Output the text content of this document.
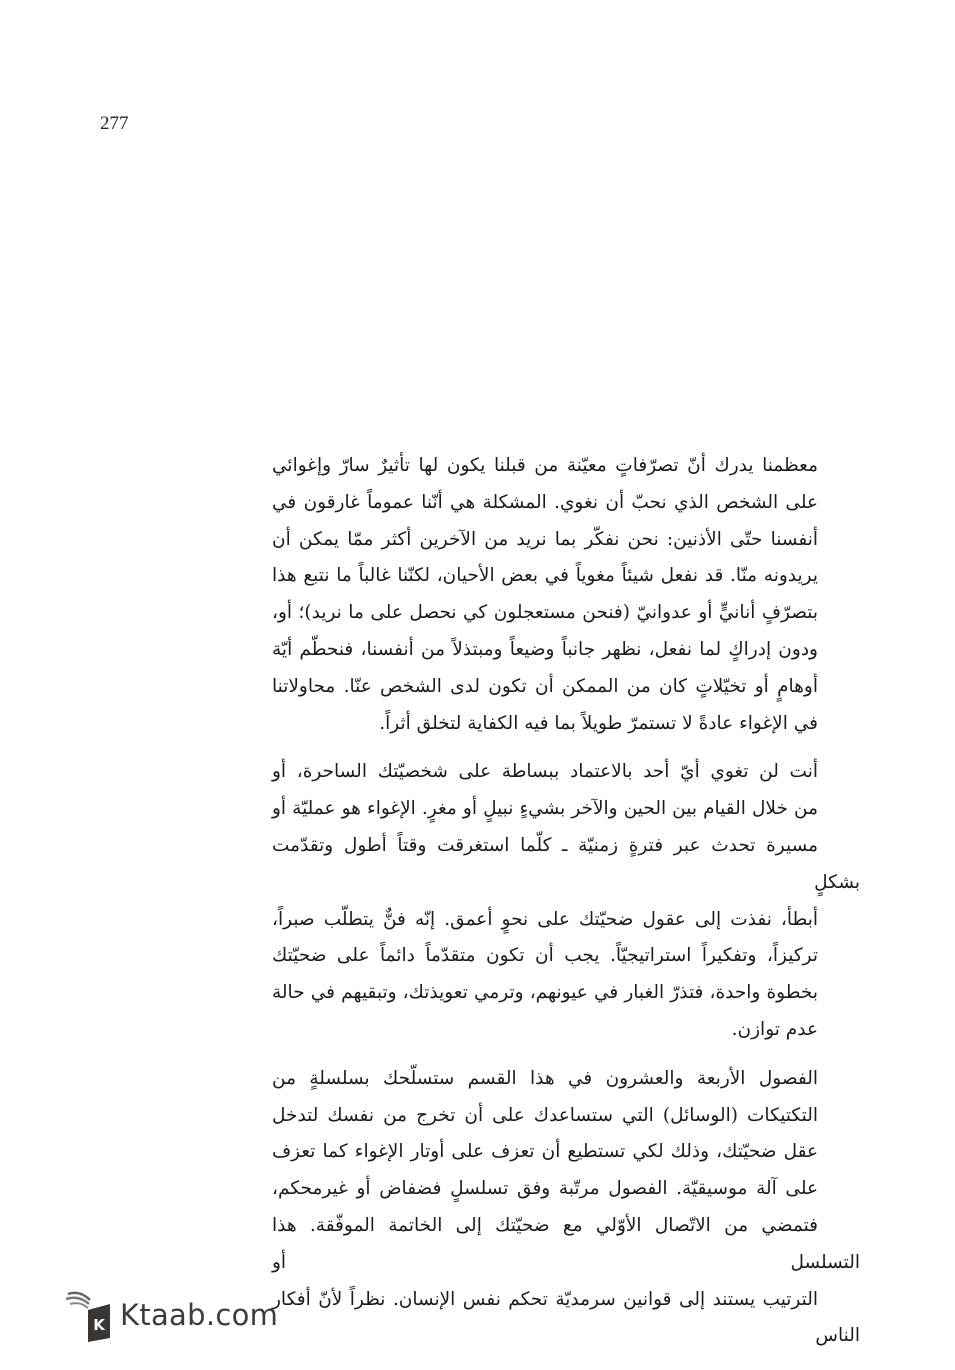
277

معظمنا يدرك أنّ تصرّفاتٍ معيّنة من قبلنا يكون لها تأثيرٌ سارّ وإغوائي
على الشخص الذي نحبّ أن نغوي. المشكلة هي أنّنا عموماً غارقون في
أنفسنا حتّى الأذنين: نحن نفكّر بما نريد من الآخرين أكثر ممّا يمكن أن
يريدونه منّا. قد نفعل شيئاً مغوياً في بعض الأحيان، لكنّنا غالباً ما نتبع هذا
بتصرّفٍ أنانيٍّ أو عدوانيّ (فنحن مستعجلون كي نحصل على ما نريد)؛ أو،
ودون إدراكٍ لما نفعل، نظهر جانباً وضيعاً ومبتذلاً من أنفسنا، فنحطّم أيّة
أوهامٍ أو تخيّلاتٍ كان من الممكن أن تكون لدى الشخص عنّا. محاولاتنا
في الإغواء عادةً لا تستمرّ طويلاً بما فيه الكفاية لتخلق أثراً.

أنت لن تغوي أيّ أحد بالاعتماد ببساطة على شخصيّتك الساحرة، أو
من خلال القيام بين الحين والآخر بشيءٍ نبيلٍ أو مغرٍ. الإغواء هو عمليّة أو
مسيرة تحدث عبر فترةٍ زمنيّة ـ كلّما استغرقت وقتاً أطول وتقدّمت بشكلٍ
أبطأ، نفذت إلى عقول ضحيّتك على نحوٍ أعمق. إنّه فنٌّ يتطلّب صبراً،
تركيزاً، وتفكيراً استراتيجيّاً. يجب أن تكون متقدّماً دائماً على ضحيّتك
بخطوة واحدة، فتذرّ الغبار في عيونهم، وترمي تعويذتك، وتبقيهم في حالة
عدم توازن.

الفصول الأربعة والعشرون في هذا القسم ستسلّحك بسلسلةٍ من
التكتيكات (الوسائل) التي ستساعدك على أن تخرج من نفسك لتدخل
عقل ضحيّتك، وذلك لكي تستطيع أن تعزف على أوتار الإغواء كما تعزف
على آلة موسيقيّة. الفصول مرتّبة وفق تسلسلٍ فضفاض أو غيرمحكم،
فتمضي من الاتّصال الأوّلي مع ضحيّتك إلى الخاتمة الموفّقة. هذا التسلسل أو
الترتيب يستند إلى قوانين سرمديّة تحكم نفس الإنسان. نظراً لأنّ أفكار الناس

K Ktaab.com
